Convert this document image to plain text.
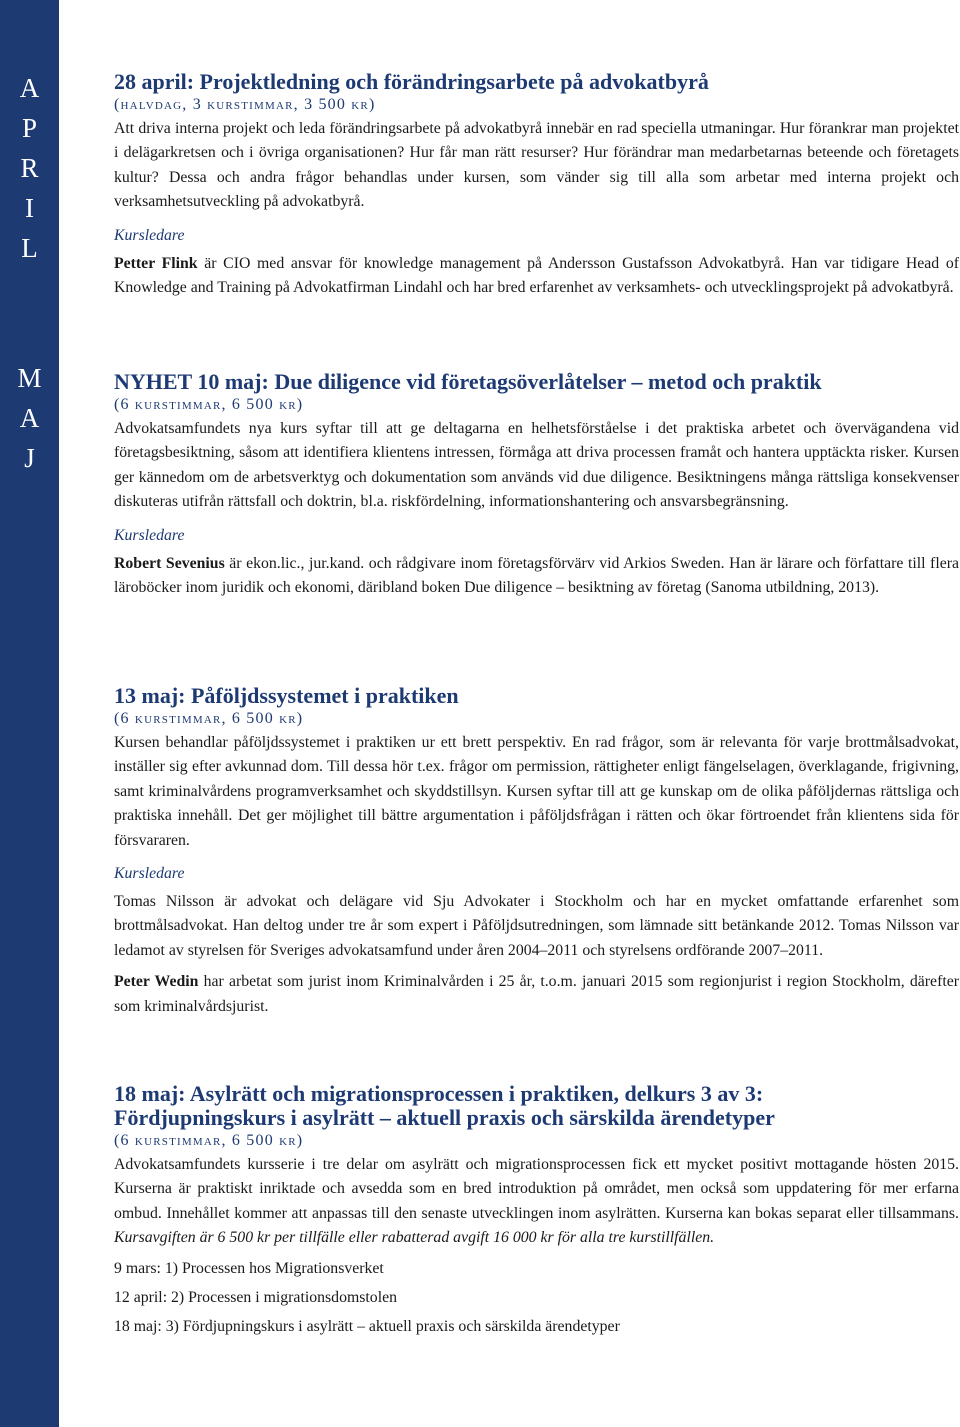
A
P
R
I
L
M
A
J
28 april: Projektledning och förändringsarbete på advokatbyrå
(halvdag, 3 kurstimmar, 3 500 kr)

Att driva interna projekt och leda förändringsarbete på advokatbyrå innebär en rad speciella utmaningar. Hur förankrar man projektet i delägarkretsen och i övriga organisationen? Hur får man rätt resurser? Hur förändrar man medarbetarnas beteende och företagets kultur? Dessa och andra frågor behandlas under kursen, som vänder sig till alla som arbetar med interna projekt och verksamhetsutveckling på advokatbyrå.

Kursledare

Petter Flink är CIO med ansvar för knowledge management på Andersson Gustafsson Advokatbyrå. Han var tidigare Head of Knowledge and Training på Advokatfirman Lindahl och har bred erfarenhet av verksamhets- och utvecklingsprojekt på advokatbyrå.

NYHET 10 maj: Due diligence vid företagsöverlåtelser – metod och praktik
(6 kurstimmar, 6 500 kr)

Advokatsamfundets nya kurs syftar till att ge deltagarna en helhetsförståelse i det praktiska arbetet och övervägandena vid företagsbesiktning, såsom att identifiera klientens intressen, förmåga att driva processen framåt och hantera upptäckta risker. Kursen ger kännedom om de arbetsverktyg och dokumentation som används vid due diligence. Besiktningens många rättsliga konsekvenser diskuteras utifrån rättsfall och doktrin, bl.a. riskfördelning, informationshantering och ansvarsbegränsning.

Kursledare

Robert Sevenius är ekon.lic., jur.kand. och rådgivare inom företagsförvärv vid Arkios Sweden. Han är lärare och författare till flera läroböcker inom juridik och ekonomi, däribland boken Due diligence – besiktning av företag (Sanoma utbildning, 2013).

13 maj: Påföljdssystemet i praktiken
(6 kurstimmar, 6 500 kr)

Kursen behandlar påföljdssystemet i praktiken ur ett brett perspektiv. En rad frågor, som är relevanta för varje brottmålsadvokat, inställer sig efter avkunnad dom. Till dessa hör t.ex. frågor om permission, rättigheter enligt fängelselagen, överklagande, frigivning, samt kriminalvårdens programverksamhet och skyddstillsyn. Kursen syftar till att ge kunskap om de olika påföljdernas rättsliga och praktiska innehåll. Det ger möjlighet till bättre argumentation i påföljdsfrågan i rätten och ökar förtroendet från klientens sida för försvararen.

Kursledare

Tomas Nilsson är advokat och delägare vid Sju Advokater i Stockholm och har en mycket omfattande erfarenhet som brottmålsadvokat. Han deltog under tre år som expert i Påföljdsutredningen, som lämnade sitt betänkande 2012. Tomas Nilsson var ledamot av styrelsen för Sveriges advokatsamfund under åren 2004–2011 och styrelsens ordförande 2007–2011.

Peter Wedin har arbetat som jurist inom Kriminalvården i 25 år, t.o.m. januari 2015 som regionjurist i region Stockholm, därefter som kriminalvårdsjurist.

18 maj: Asylrätt och migrationsprocessen i praktiken, delkurs 3 av 3:
Fördjupningskurs i asylrätt – aktuell praxis och särskilda ärendetyper
(6 kurstimmar, 6 500 kr)

Advokatsamfundets kursserie i tre delar om asylrätt och migrationsprocessen fick ett mycket positivt mottagande hösten 2015. Kurserna är praktiskt inriktade och avsedda som en bred introduktion på området, men också som uppdatering för mer erfarna ombud. Innehållet kommer att anpassas till den senaste utvecklingen inom asylrätten. Kurserna kan bokas separat eller tillsammans. Kursavgiften är 6 500 kr per tillfälle eller rabatterad avgift 16 000 kr för alla tre kurstillfällen.

9 mars: 1) Processen hos Migrationsverket

12 april: 2) Processen i migrationsdomstolen

18 maj: 3) Fördjupningskurs i asylrätt – aktuell praxis och särskilda ärendetyper
